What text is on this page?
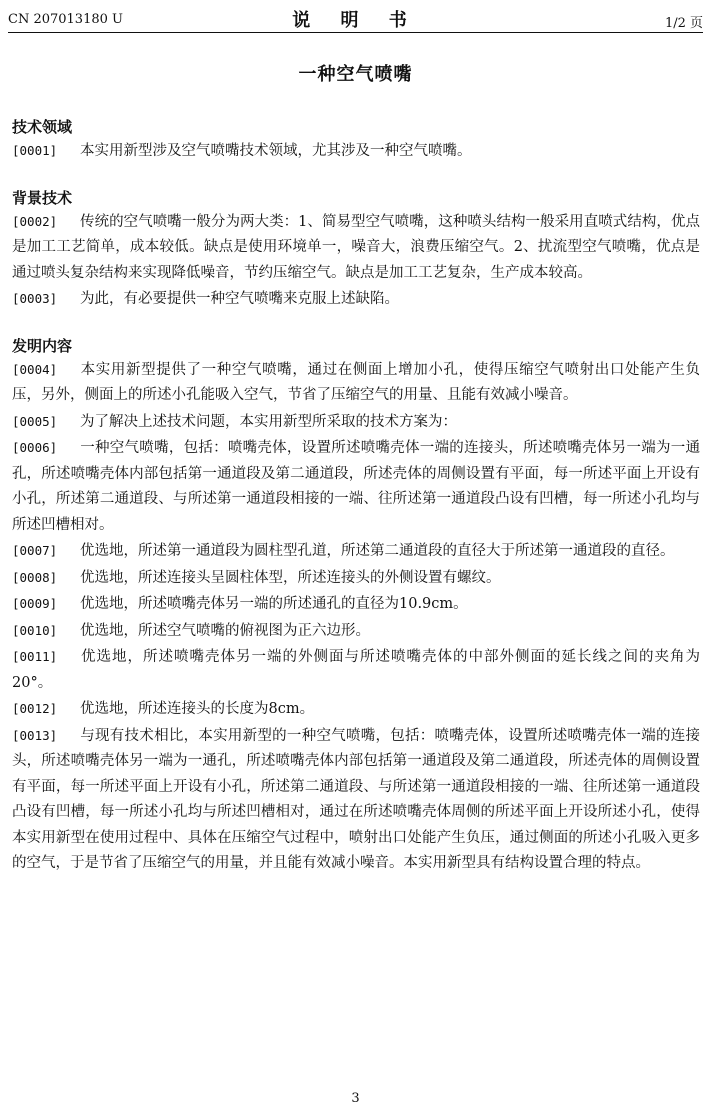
CN 207013180 U	说 明 书	1/2 页
一种空气喷嘴
技术领域

[0001] 本实用新型涉及空气喷嘴技术领域，尤其涉及一种空气喷嘴。

背景技术

[0002] 传统的空气喷嘴一般分为两大类：1、简易型空气喷嘴，这种喷头结构一般采用直喷式结构，优点是加工工艺简单，成本较低。缺点是使用环境单一，噪音大，浪费压缩空气。2、扰流型空气喷嘴，优点是通过喷头复杂结构来实现降低噪音，节约压缩空气。缺点是加工工艺复杂，生产成本较高。

[0003] 为此，有必要提供一种空气喷嘴来克服上述缺陷。

发明内容

[0004] 本实用新型提供了一种空气喷嘴，通过在侧面上增加小孔，使得压缩空气喷射出口处能产生负压，另外，侧面上的所述小孔能吸入空气，节省了压缩空气的用量、且能有效减小噪音。

[0005] 为了解决上述技术问题，本实用新型所采取的技术方案为：

[0006] 一种空气喷嘴，包括：喷嘴壳体，设置所述喷嘴壳体一端的连接头，所述喷嘴壳体另一端为一通孔，所述喷嘴壳体内部包括第一通道段及第二通道段，所述壳体的周侧设置有平面，每一所述平面上开设有小孔，所述第二通道段、与所述第一通道段相接的一端、往所述第一通道段凸设有凹槽，每一所述小孔均与所述凹槽相对。

[0007] 优选地，所述第一通道段为圆柱型孔道，所述第二通道段的直径大于所述第一通道段的直径。

[0008] 优选地，所述连接头呈圆柱体型，所述连接头的外侧设置有螺纹。

[0009] 优选地，所述喷嘴壳体另一端的所述通孔的直径为10.9cm。

[0010] 优选地，所述空气喷嘴的俯视图为正六边形。

[0011] 优选地，所述喷嘴壳体另一端的外侧面与所述喷嘴壳体的中部外侧面的延长线之间的夹角为20°。

[0012] 优选地，所述连接头的长度为8cm。

[0013] 与现有技术相比，本实用新型的一种空气喷嘴，包括：喷嘴壳体，设置所述喷嘴壳体一端的连接头，所述喷嘴壳体另一端为一通孔，所述喷嘴壳体内部包括第一通道段及第二通道段，所述壳体的周侧设置有平面，每一所述平面上开设有小孔，所述第二通道段、与所述第一通道段相接的一端、往所述第一通道段凸设有凹槽，每一所述小孔均与所述凹槽相对，通过在所述喷嘴壳体周侧的所述平面上开设所述小孔，使得本实用新型在使用过程中、具体在压缩空气过程中，喷射出口处能产生负压，通过侧面的所述小孔吸入更多的空气，于是节省了压缩空气的用量，并且能有效减小噪音。本实用新型具有结构设置合理的特点。

3
